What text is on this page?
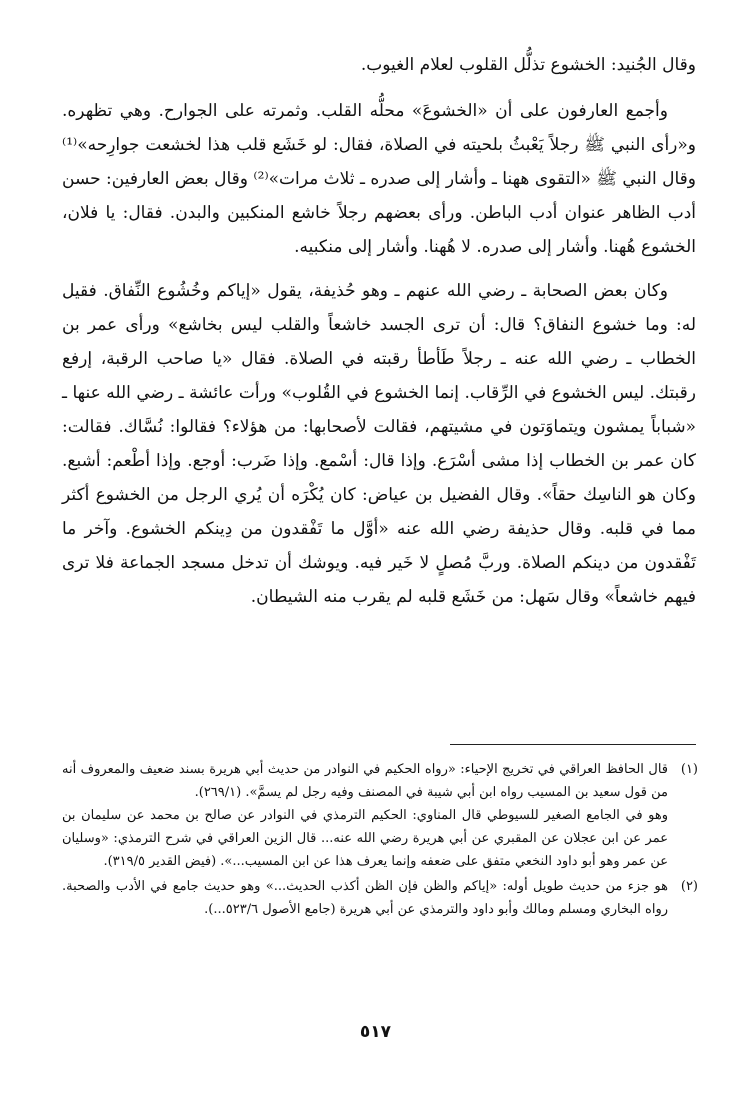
وقال الجُنيد: الخشوع تذلُّل القلوب لعلام الغيوب.

وأجمع العارفون على أن «الخشوعَ» محلُّه القلب. وثمرته على الجوارح. وهي تظهره. و«رأى النبي ﷺ رجلاً يَعْبثُ بلحيته في الصلاة، فقال: لو خَشَع قلب هذا لخشعت جوارِحه»⁽¹⁾ وقال النبي ﷺ «التقوى ههنا ـ وأشار إلى صدره ـ ثلاث مرات»⁽²⁾ وقال بعض العارفين: حسن أدب الظاهر عنوان أدب الباطن. ورأى بعضهم رجلاً خاشع المنكبين والبدن. فقال: يا فلان، الخشوع هُهنا. وأشار إلى صدره. لا هُهنا. وأشار إلى منكبيه.

وكان بعض الصحابة ـ رضي الله عنهم ـ وهو حُذيفة، يقول «إياكم وخُشُوع النِّفاق. فقيل له: وما خشوع النفاق؟ قال: أن ترى الجسد خاشعاً والقلب ليس بخاشع» ورأى عمر بن الخطاب ـ رضي الله عنه ـ رجلاً طَأطأ رقبته في الصلاة. فقال «يا صاحب الرقبة، إرفع رقبتك. ليس الخشوع في الرِّقاب. إنما الخشوع في القُلوب» ورأت عائشة ـ رضي الله عنها ـ «شباباً يمشون ويتماوَتون في مشيتهم، فقالت لأصحابها: من هؤلاء؟ فقالوا: نُسَّاك. فقالت: كان عمر بن الخطاب إذا مشى أسْرَع. وإذا قال: أسْمع. وإذا ضَرب: أوجع. وإذا أطْعم: أشبع. وكان هو الناسِك حقاً». وقال الفضيل بن عياض: كان يُكْرَه أن يُري الرجل من الخشوع أكثر مما في قلبه. وقال حذيفة رضي الله عنه «أوَّل ما تَفْقدون من دِينكم الخشوع. وآخر ما تَفْقدون من دينكم الصلاة. وربَّ مُصلٍ لا خَير فيه. ويوشك أن تدخل مسجد الجماعة فلا ترى فيهم خاشعاً» وقال سَهل: من خَشَع قلبه لم يقرب منه الشيطان.

(١)

قال الحافظ العراقي في تخريج الإحياء: «رواه الحكيم في النوادر من حديث أبي هريرة بسند ضعيف والمعروف أنه من قول سعيد بن المسيب رواه ابن أبي شيبة في المصنف وفيه رجل لم يسمَّ». (٢٦٩/١).

وهو في الجامع الصغير للسيوطي قال المناوي: الحكيم الترمذي في النوادر عن صالح بن محمد عن سليمان بن عمر عن ابن عجلان عن المقبري عن أبي هريرة رضي الله عنه... قال الزين العراقي في شرح الترمذي: «وسليان عن عمر وهو أبو داود النخعي متفق على ضعفه وإنما يعرف هذا عن ابن المسيب...». (فيض القدير ٣١٩/٥).

(٢)

هو جزء من حديث طويل أوله: «إياكم والظن فإن الظن أكذب الحديث...» وهو حديث جامع في الأدب والصحبة. رواه البخاري ومسلم ومالك وأبو داود والترمذي عن أبي هريرة (جامع الأصول ٥٢٣/٦...).

٥١٧
